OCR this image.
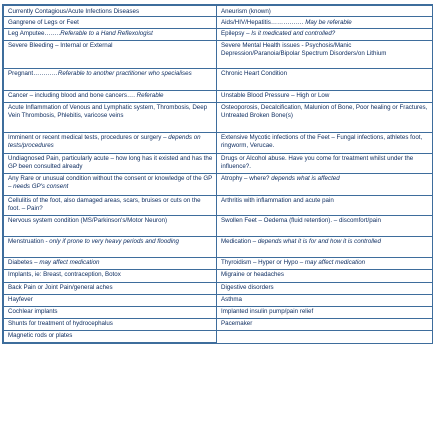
Currently Contagious/Acute Infections Diseases	Aneurism (known)
Gangrene of Legs or Feet	Aids/HIV/Hepatitis……………. May be referable
Leg Amputee……..Referable to a Hand Reflexologist	Epilepsy – Is it medicated and controlled?
Severe Bleeding – Internal or External	Severe Mental Health issues - Psychosis/Manic Depression/Paranoia/Bipolar Spectrum Disorders/on Lithium
Pregnant…………Referable to another practitioner who specialises	Chronic Heart Condition
Cancer – including blood and bone cancers…. Referable	Unstable Blood Pressure – High or Low
Acute Inflammation of Venous and Lymphatic system, Thrombosis, Deep Vein Thrombosis, Phlebitis, varicose veins	Osteoporosis, Decalcification, Malunion of Bone, Poor healing or Fractures, Untreated Broken Bone(s)
Imminent or recent medical tests, procedures or surgery – depends on tests/procedures	Extensive Mycotic infections of the Feet – Fungal infections, athletes foot, ringworm, Verucae.
Undiagnosed Pain, particularly acute – how long has it existed and has the GP been consulted already	Drugs or Alcohol abuse. Have you come for treatment whilst under the influence?.
Any Rare or unusual condition without the consent or knowledge of the GP – needs GP's consent	Atrophy – where? depends what is affected
Cellulitis of the foot, also damaged areas, scars, bruises or cuts on the foot. – Pain?	Arthritis with inflammation and acute pain
Nervous system condition (MS/Parkinson's/Motor Neuron)	Swollen Feet – Oedema (fluid retention). – discomfort/pain
Menstruation - only if prone to very heavy periods and flooding	Medication – depends what it is for and how it is controlled
Diabetes – may affect medication	Thyroidism – Hyper or Hypo – may affect medication
Implants, ie: Breast, contraception, Botox	Migraine or headaches
Back Pain or Joint Pain/general aches	Digestive disorders
Hayfever	Asthma
Cochlear implants	Implanted insulin pump/pain relief
Shunts for treatment of hydrocephalus	Pacemaker
Magnetic rods or plates	
